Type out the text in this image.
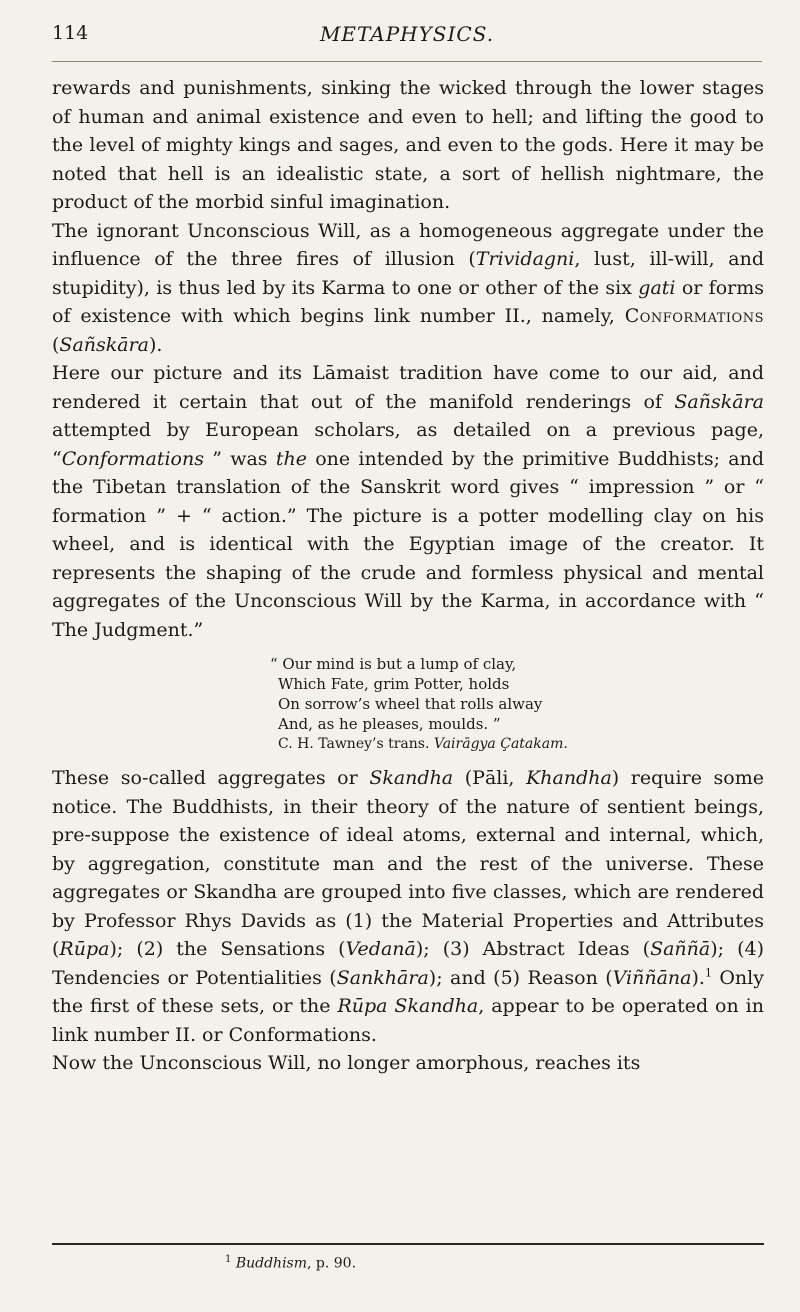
114	METAPHYSICS.

rewards and punishments, sinking the wicked through the lower stages of human and animal existence and even to hell; and lifting the good to the level of mighty kings and sages, and even to the gods. Here it may be noted that hell is an idealistic state, a sort of hellish nightmare, the product of the morbid sinful imagination.

The ignorant Unconscious Will, as a homogeneous aggregate under the influence of the three fires of illusion (Trividagni, lust, ill-will, and stupidity), is thus led by its Karma to one or other of the six gati or forms of existence with which begins link number II., namely, Conformations (Sañskāra).

Here our picture and its Lāmaist tradition have come to our aid, and rendered it certain that out of the manifold renderings of Sañskāra attempted by European scholars, as detailed on a previous page, “Conformations ” was the one intended by the primitive Buddhists; and the Tibetan translation of the Sanskrit word gives “ impression ” or “ formation ” + “ action.” The picture is a potter modelling clay on his wheel, and is identical with the Egyptian image of the creator. It represents the shaping of the crude and formless physical and mental aggregates of the Unconscious Will by the Karma, in accordance with “ The Judgment.”

“ Our mind is but a lump of clay,
Which Fate, grim Potter, holds
On sorrow’s wheel that rolls alway
And, as he pleases, moulds. ”
C. H. Tawney’s trans. Vairāgya Çatakam.

These so-called aggregates or Skandha (Pāli, Khandha) require some notice. The Buddhists, in their theory of the nature of sentient beings, pre-suppose the existence of ideal atoms, external and internal, which, by aggregation, constitute man and the rest of the universe. These aggregates or Skandha are grouped into five classes, which are rendered by Professor Rhys Davids as (1) the Material Properties and Attributes (Rūpa); (2) the Sensations (Vedanā); (3) Abstract Ideas (Saññā); (4) Tendencies or Potentialities (Sankhāra); and (5) Reason (Viññāna).$^1$ Only the first of these sets, or the Rūpa Skandha, appear to be operated on in link number II. or Conformations.

Now the Unconscious Will, no longer amorphous, reaches its

$^1$ Buddhism, p. 90.
